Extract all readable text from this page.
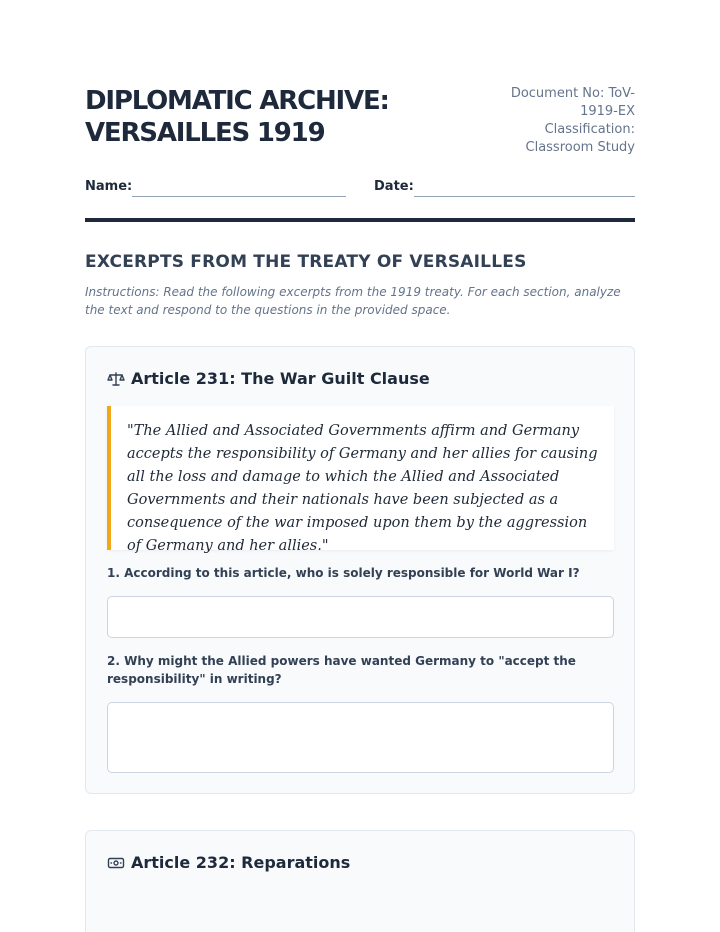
DIPLOMATIC ARCHIVE: VERSAILLES 1919
Document No: ToV-1919-EX
Classification: Classroom Study
Name:	Date:
EXCERPTS FROM THE TREATY OF VERSAILLES
Instructions: Read the following excerpts from the 1919 treaty. For each section, analyze the text and respond to the questions in the provided space.
Article 231: The War Guilt Clause
"The Allied and Associated Governments affirm and Germany accepts the responsibility of Germany and her allies for causing all the loss and damage to which the Allied and Associated Governments and their nationals have been subjected as a consequence of the war imposed upon them by the aggression of Germany and her allies."
1. According to this article, who is solely responsible for World War I?
2. Why might the Allied powers have wanted Germany to "accept the responsibility" in writing?
Article 232: Reparations
